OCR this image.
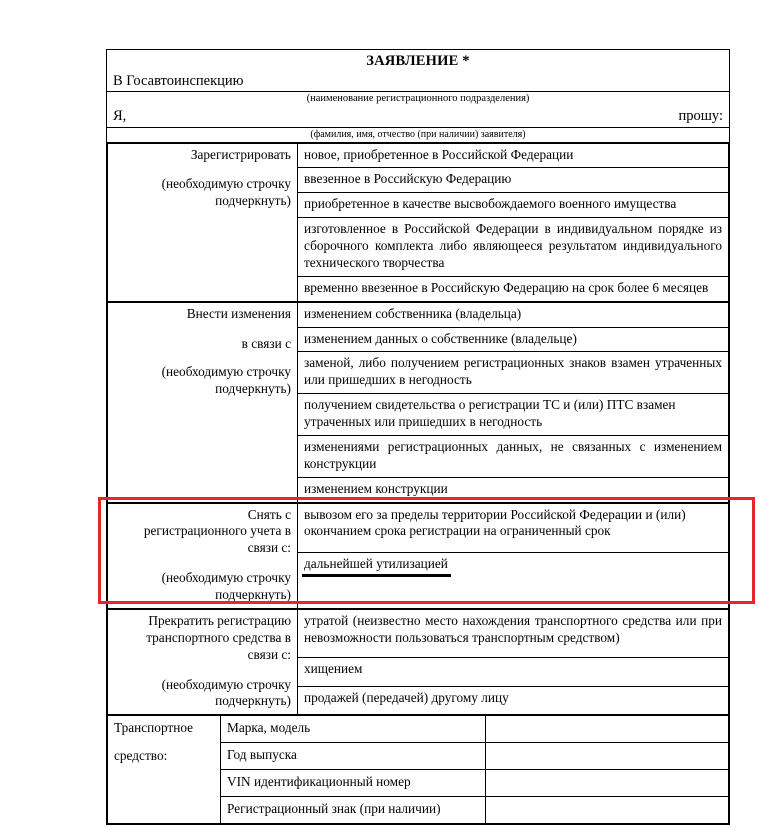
ЗАЯВЛЕНИЕ *
В Госавтоинспекцию
(наименование регистрационного подразделения)
Я,	прошу:
(фамилия, имя, отчество (при наличии) заявителя)
Зарегистрировать
(необходимую строчку
подчеркнуть)
	новое, приобретенное в Российской Федерации
ввезенное в Российскую Федерацию
приобретенное в качестве высвобождаемого военного имущества
изготовленное в Российской Федерации в индивидуальном порядке из сборочного комплекта либо являющееся результатом индивидуального технического творчества
временно ввезенное в Российскую Федерацию на срок более 6 месяцев
Внести изменения
в связи с
(необходимую строчку
подчеркнуть)
	изменением собственника (владельца)
изменением данных о собственнике (владельце)
заменой, либо получением регистрационных знаков взамен утраченных или пришедших в негодность
получением свидетельства о регистрации ТС и (или) ПТС взамен утраченных или пришедших в негодность
изменениями регистрационных данных, не связанных с изменением конструкции
изменением конструкции
Снять с
регистрационного учета в
связи с:
(необходимую строчку
подчеркнуть)
	вывозом его за пределы территории Российской Федерации и (или) окончанием срока регистрации на ограниченный срок
дальнейшей утилизацией
Прекратить регистрацию
транспортного средства в
связи с:
(необходимую строчку
подчеркнуть)
	утратой (неизвестно место нахождения транспортного средства или при невозможности пользоваться транспортным средством)
хищением
продажей (передачей) другому лицу
Транспортное
средство:	Марка, модель	
	Год выпуска	
	VIN идентификационный номер	
	Регистрационный знак (при наличии)	
